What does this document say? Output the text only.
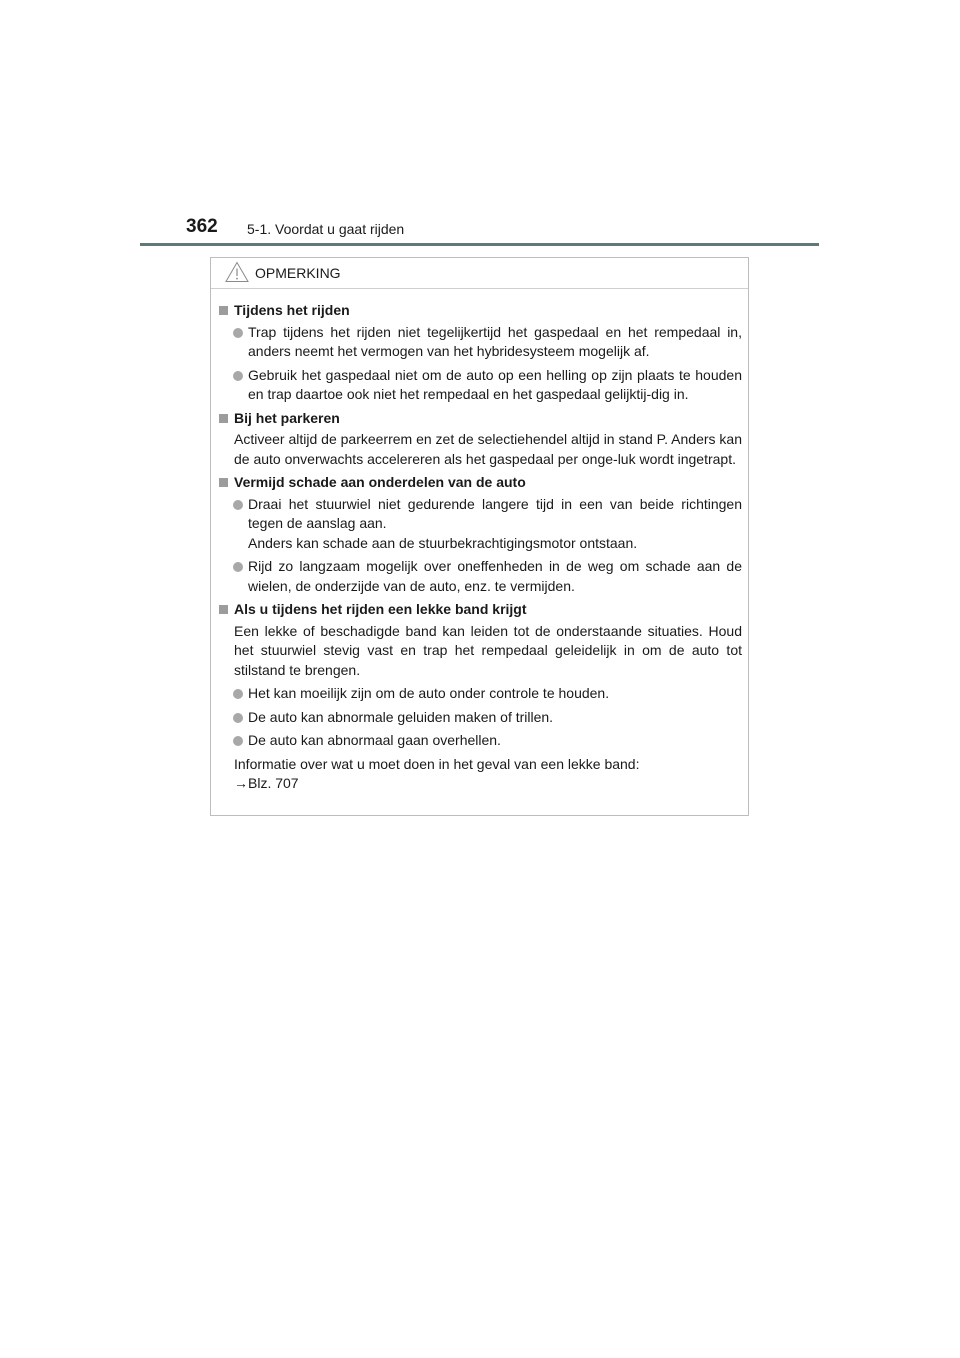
362 5-1. Voordat u gaat rijden
OPMERKING
Tijdens het rijden
Trap tijdens het rijden niet tegelijkertijd het gaspedaal en het rempedaal in, anders neemt het vermogen van het hybridesysteem mogelijk af.
Gebruik het gaspedaal niet om de auto op een helling op zijn plaats te houden en trap daartoe ook niet het rempedaal en het gaspedaal gelijktij-dig in.
Bij het parkeren
Activeer altijd de parkeerrem en zet de selectiehendel altijd in stand P. Anders kan de auto onverwachts accelereren als het gaspedaal per onge-luk wordt ingetrapt.
Vermijd schade aan onderdelen van de auto
Draai het stuurwiel niet gedurende langere tijd in een van beide richtingen tegen de aanslag aan.
Anders kan schade aan de stuurbekrachtigingsmotor ontstaan.
Rijd zo langzaam mogelijk over oneffenheden in de weg om schade aan de wielen, de onderzijde van de auto, enz. te vermijden.
Als u tijdens het rijden een lekke band krijgt
Een lekke of beschadigde band kan leiden tot de onderstaande situaties. Houd het stuurwiel stevig vast en trap het rempedaal geleidelijk in om de auto tot stilstand te brengen.
Het kan moeilijk zijn om de auto onder controle te houden.
De auto kan abnormale geluiden maken of trillen.
De auto kan abnormaal gaan overhellen.
Informatie over wat u moet doen in het geval van een lekke band:
→Blz. 707
